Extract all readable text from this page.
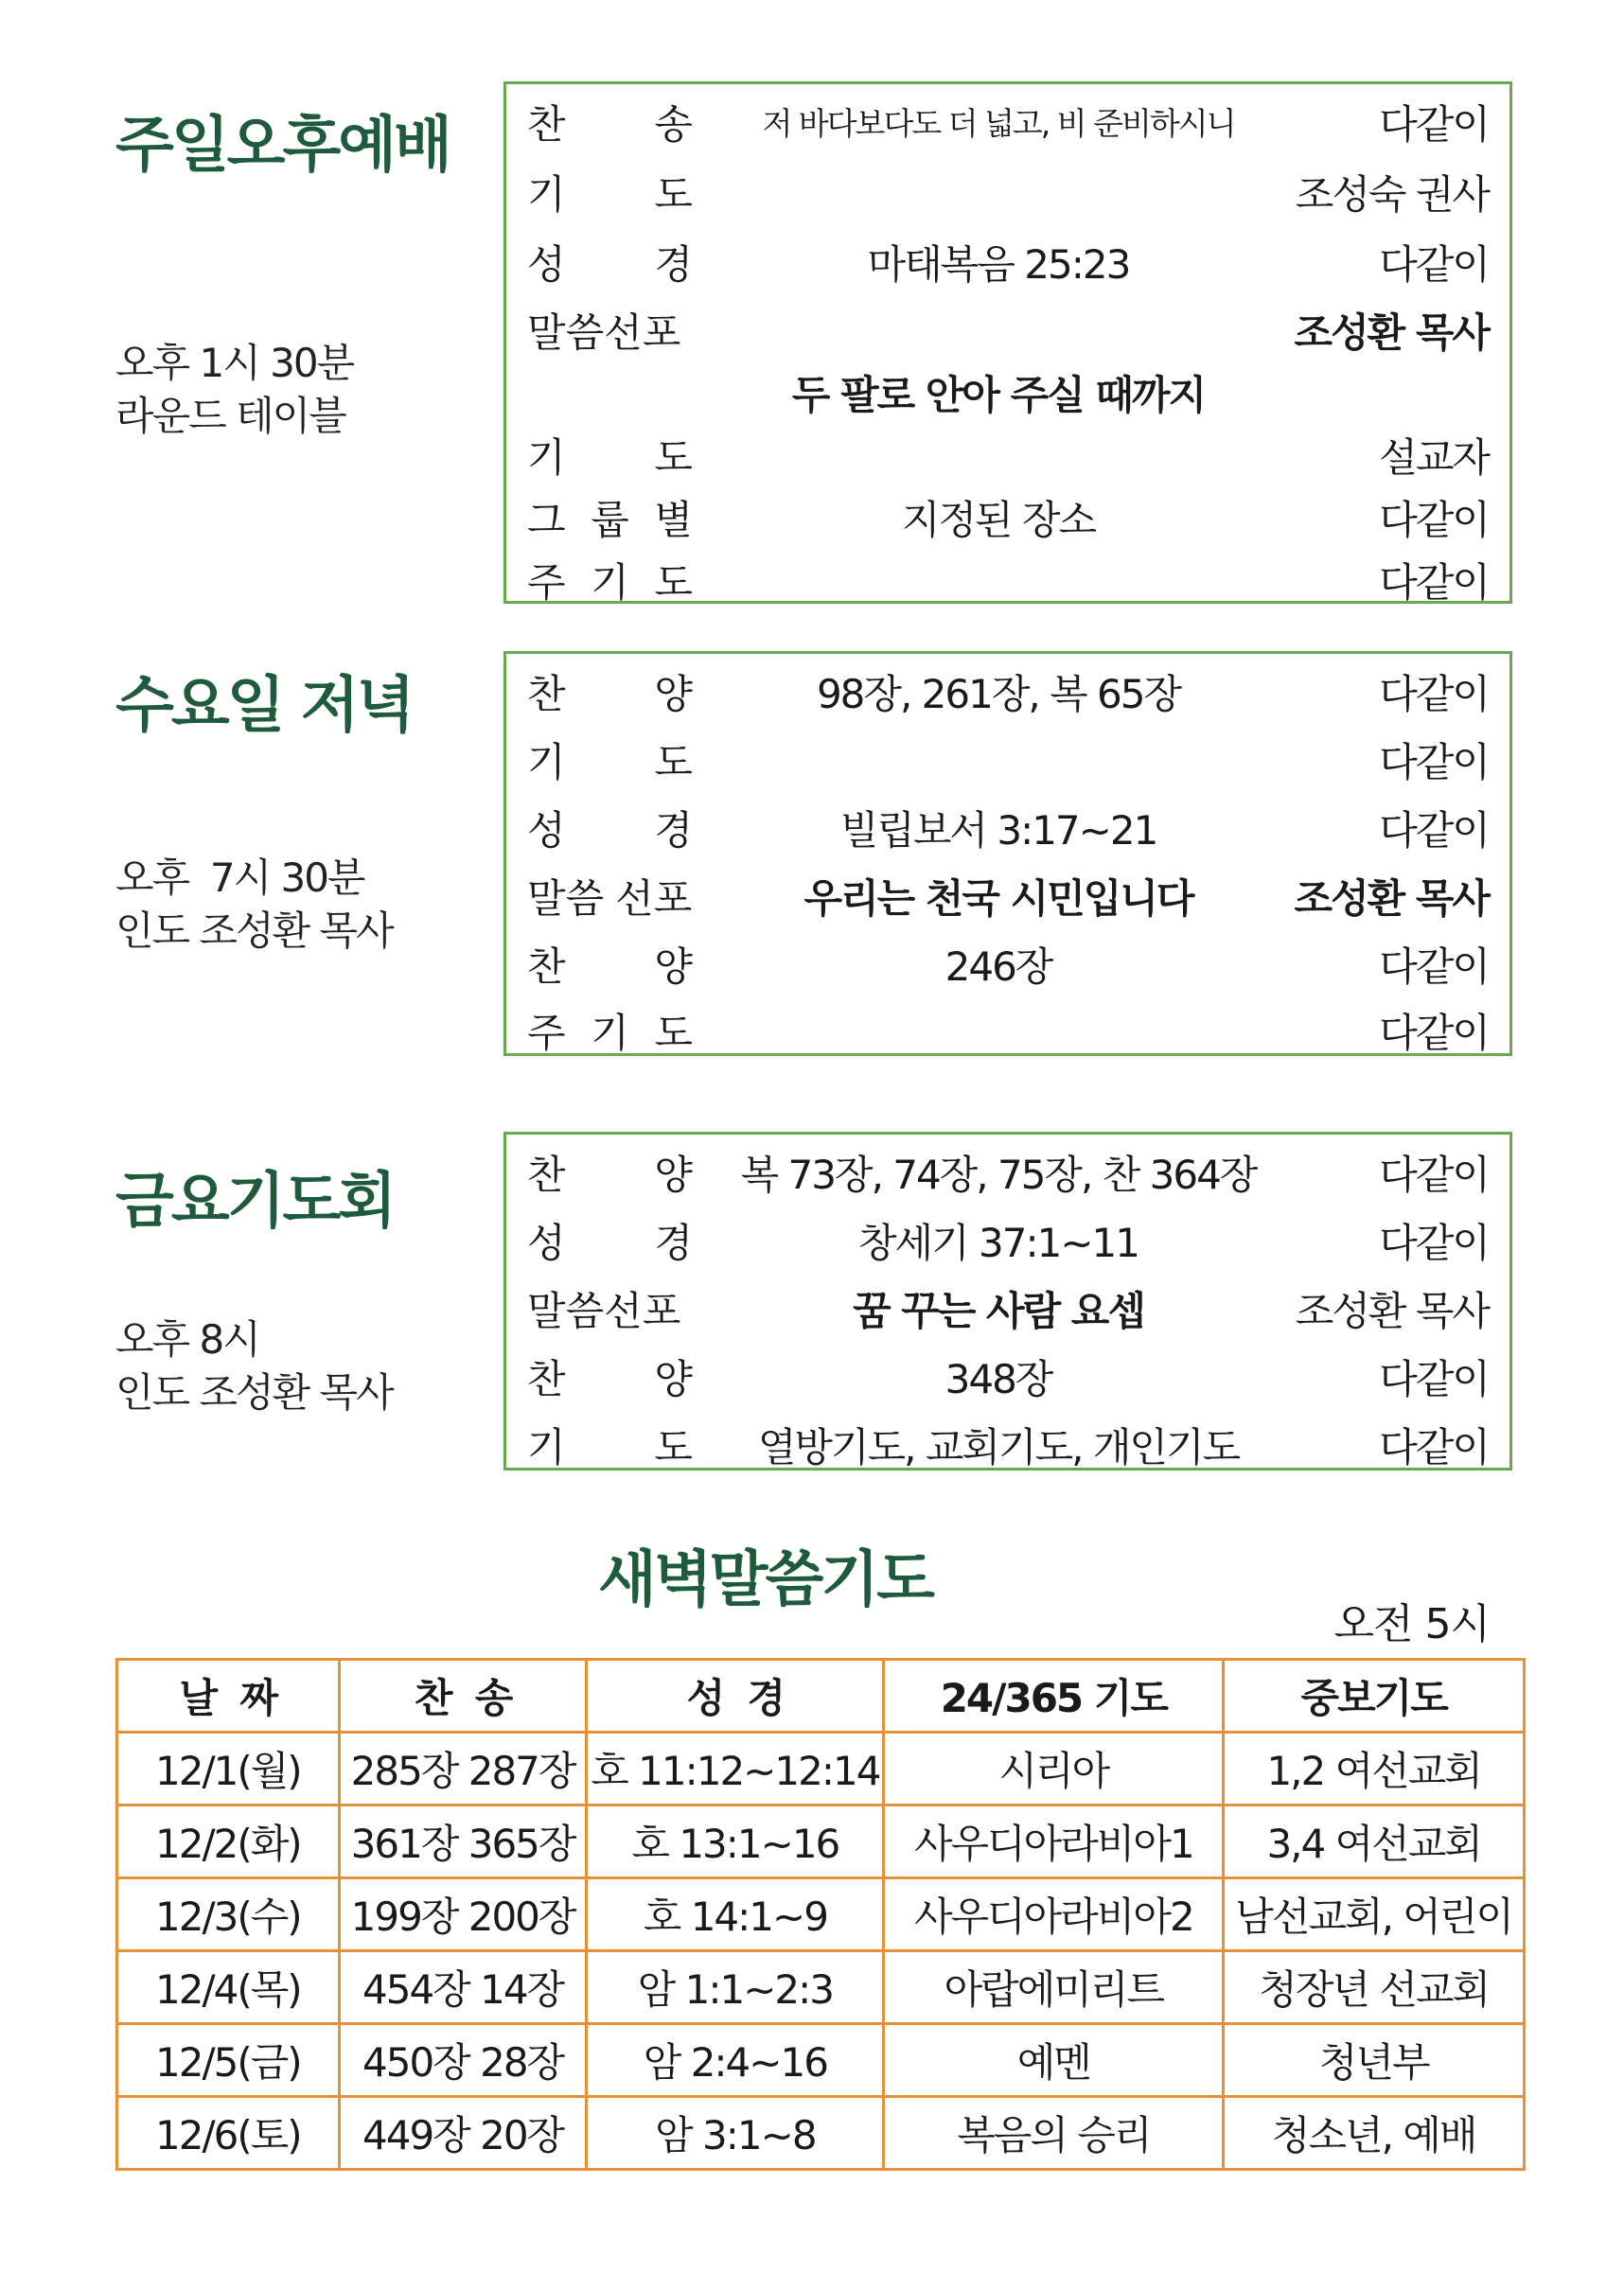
주일오후예배
오후 1시 30분
라운드 테이블
찬 송	저 바다보다도 더 넓고, 비 준비하시니	다같이
기 도	조성숙 권사
성 경	마태복음 25:23	다같이
말씀선포	조성환 목사
두 팔로 안아 주실 때까지
기 도	설교자
그 룹 별	지정된 장소	다같이
주 기 도	다같이
수요일 저녁
오후  7시 30분
인도 조성환 목사
찬 양	98장, 261장, 복 65장	다같이
기 도	다같이
성 경	빌립보서 3:17~21	다같이
말씀 선포	우리는 천국 시민입니다	조성환 목사
찬 양	246장	다같이
주 기 도	다같이
금요기도회
오후 8시
인도 조성환 목사
찬 양	복 73장, 74장, 75장, 찬 364장	다같이
성 경	창세기 37:1~11	다같이
말씀선포	꿈 꾸는 사람 요셉	조성환 목사
찬 양	348장	다같이
기 도	열방기도, 교회기도, 개인기도	다같이
새벽말씀기도
오전 5시
날  짜	찬  송	성  경	24/365 기도	중보기도
12/1(월)	285장 287장	호 11:12~12:14	시리아	1,2 여선교회
12/2(화)	361장 365장	호 13:1~16	사우디아라비아1	3,4 여선교회
12/3(수)	199장 200장	호 14:1~9	사우디아라비아2	남선교회, 어린이
12/4(목)	454장 14장	암 1:1~2:3	아랍에미리트	청장년 선교회
12/5(금)	450장 28장	암 2:4~16	예멘	청년부
12/6(토)	449장 20장	암 3:1~8	복음의 승리	청소년, 예배
